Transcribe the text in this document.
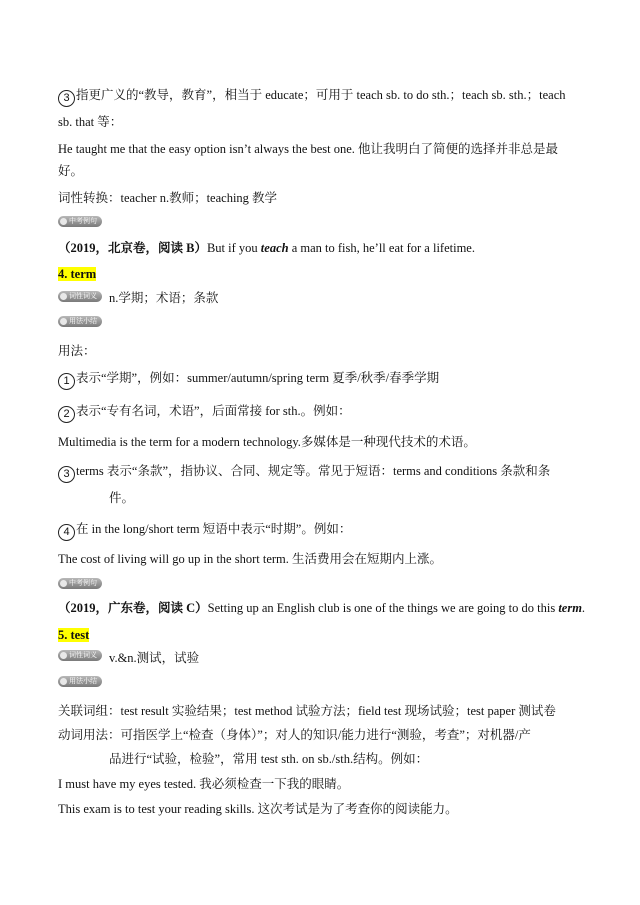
3 指更广义的“教导，教育”，相当于 educate；可用于 teach sb. to do sth.；teach sb. sth.；teach
sb. that 等：
He taught me that the easy option isn’t always the best one. 他让我明白了简便的选择并非总是最
好。
词性转换：teacher n.教师；teaching 教学
中考例句
（2019，北京卷，阅读 B）But if you teach a man to fish, he’ll eat for a lifetime.
4. term
词性词义 n.学期；术语；条款
用法小结
用法：
1 表示“学期”，例如：summer/autumn/spring term 夏季/秋季/春季学期
2 表示“专有名词，术语”，后面常接 for sth.。例如：
Multimedia is the term for a modern technology.多媒体是一种现代技术的术语。
3 terms 表示“条款”，指协议、合同、规定等。常见于短语：terms and conditions 条款和条
件。
4 在 in the long/short term 短语中表示“时期”。例如：
The cost of living will go up in the short term. 生活费用会在短期内上涨。
中考例句
（2019，广东卷，阅读 C）Setting up an English club is one of the things we are going to do this term.
5. test
词性词义 v.&n.测试，试验
用法小结
关联词组：test result 实验结果；test method 试验方法；field test 现场试验；test paper 测试卷
动词用法：可指医学上“检查（身体）”；对人的知识/能力进行“测验，考查”；对机器/产
品进行“试验，检验”，常用 test sth. on sb./sth.结构。例如：
I must have my eyes tested. 我必须检查一下我的眼睛。
This exam is to test your reading skills. 这次考试是为了考查你的阅读能力。
